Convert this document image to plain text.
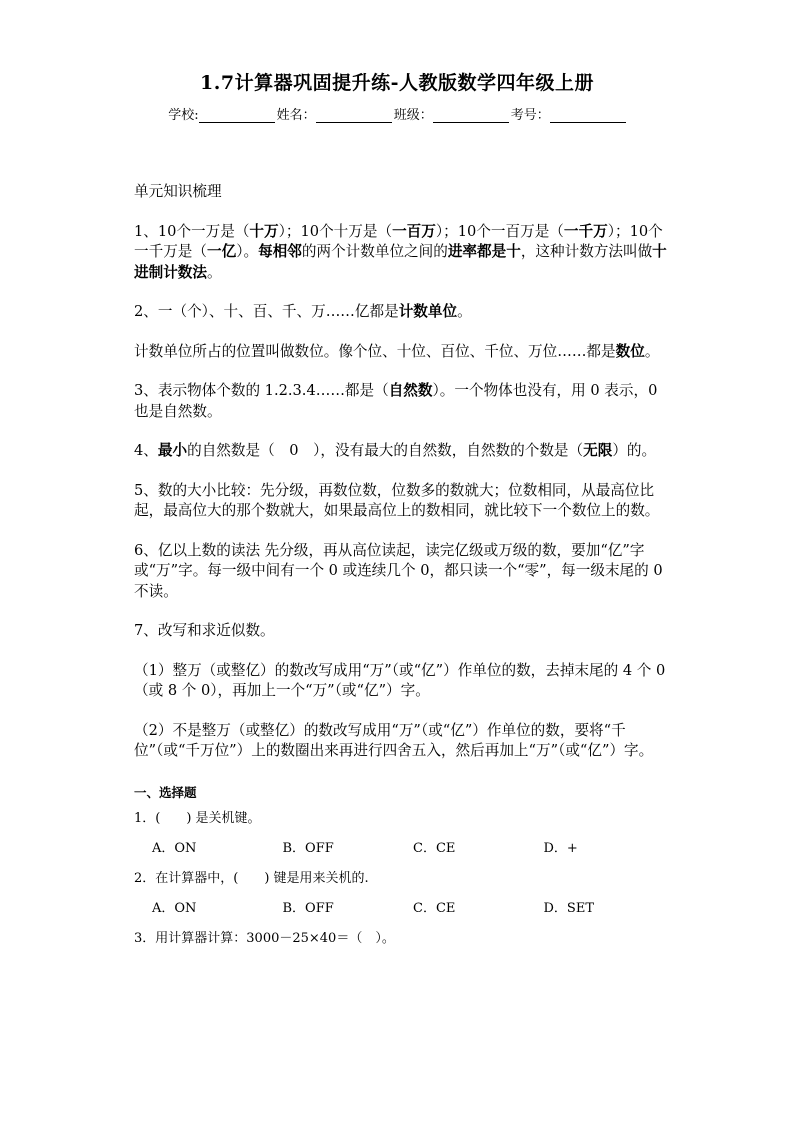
1.7计算器巩固提升练-人教版数学四年级上册
学校:	姓名：	班级：	考号：

单元知识梳理

1、10个一万是（十万）；10个十万是（一百万）；10个一百万是（一千万）；10个一千万是（一亿）。每相邻的两个计数单位之间的进率都是十，这种计数方法叫做十进制计数法。

2、一（个）、十、百、千、万……亿都是计数单位。

计数单位所占的位置叫做数位。像个位、十位、百位、千位、万位……都是数位。

3、表示物体个数的 1.2.3.4……都是（自然数）。一个物体也没有，用 0 表示，0 也是自然数。

4、最小的自然数是（　0　），没有最大的自然数，自然数的个数是（无限）的。

5、数的大小比较：先分级，再数位数，位数多的数就大；位数相同，从最高位比起，最高位大的那个数就大，如果最高位上的数相同，就比较下一个数位上的数。

6、亿以上数的读法 先分级，再从高位读起，读完亿级或万级的数，要加“亿”字或“万”字。每一级中间有一个 0 或连续几个 0，都只读一个“零”，每一级末尾的 0 不读。

7、改写和求近似数。

（1）整万（或整亿）的数改写成用“万”（或“亿”）作单位的数，去掉末尾的 4 个 0（或 8 个 0），再加上一个“万”（或“亿”）字。

（2）不是整万（或整亿）的数改写成用“万”（或“亿”）作单位的数，要将“千位”（或“千万位”）上的数圈出来再进行四舍五入，然后再加上“万”（或“亿”）字。

一、选择题
1．(　　) 是关机键。
A．ON	B．OFF	C．CE	D．+
2．在计算器中，(　　) 键是用来关机的.
A．ON	B．OFF	C．CE	D．SET
3．用计算器计算：3000－25×40＝（　）。
